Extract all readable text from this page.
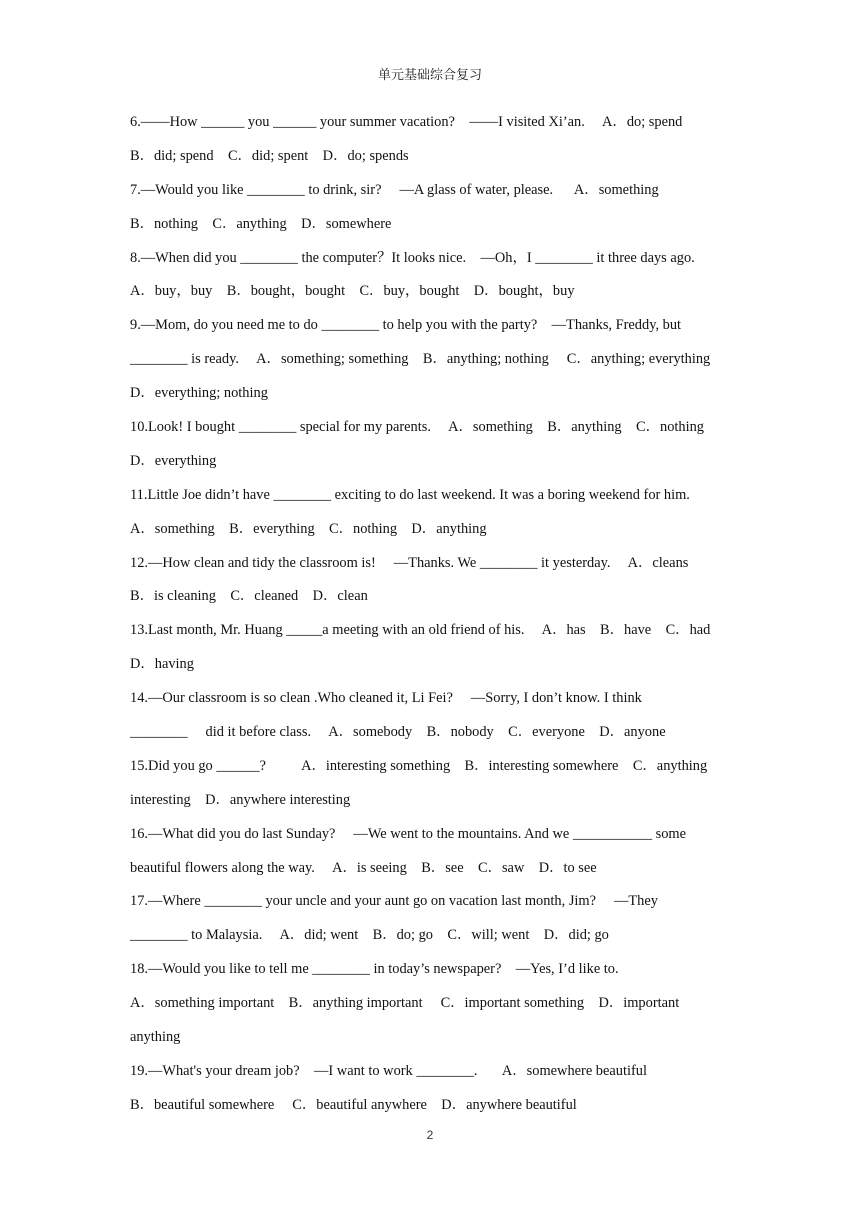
单元基础综合复习
6.——How ______ you ______ your summer vacation?    ——I visited Xi’an.     A．do; spend
B．did; spend    C．did; spent    D．do; spends
7.—Would you like ________ to drink, sir?     —A glass of water, please.      A．something
B．nothing    C．anything    D．somewhere
8.—When did you ________ the computer？It looks nice.    —Oh，I ________ it three days ago.
A．buy，buy    B．bought，bought    C．buy，bought    D．bought，buy
9.—Mom, do you need me to do ________ to help you with the party?    —Thanks, Freddy, but
________ is ready.     A．something; something    B．anything; nothing     C．anything; everything
D．everything; nothing
10.Look! I bought ________ special for my parents.     A．something    B．anything    C．nothing
D．everything
11.Little Joe didn’t have ________ exciting to do last weekend. It was a boring weekend for him.
A．something    B．everything    C．nothing    D．anything
12.—How clean and tidy the classroom is!     —Thanks. We ________ it yesterday.     A．cleans
B．is cleaning    C．cleaned    D．clean
13.Last month, Mr. Huang _____a meeting with an old friend of his.     A．has    B．have    C．had
D．having
14.—Our classroom is so clean .Who cleaned it, Li Fei?     —Sorry, I don’t know. I think
________     did it before class.     A．somebody    B．nobody    C．everyone    D．anyone
15.Did you go ______?          A．interesting something    B．interesting somewhere    C．anything
interesting    D．anywhere interesting
16.—What did you do last Sunday?     —We went to the mountains. And we ___________ some
beautiful flowers along the way.     A．is seeing    B．see    C．saw    D．to see
17.—Where ________ your uncle and your aunt go on vacation last month, Jim?     —They
________ to Malaysia.     A．did; went    B．do; go    C．will; went    D．did; go
18.—Would you like to tell me ________ in today’s newspaper?    —Yes, I’d like to.
A．something important    B．anything important     C．important something    D．important
anything
19.—What's your dream job?    —I want to work ________.       A．somewhere beautiful
B．beautiful somewhere     C．beautiful anywhere    D．anywhere beautiful
2
